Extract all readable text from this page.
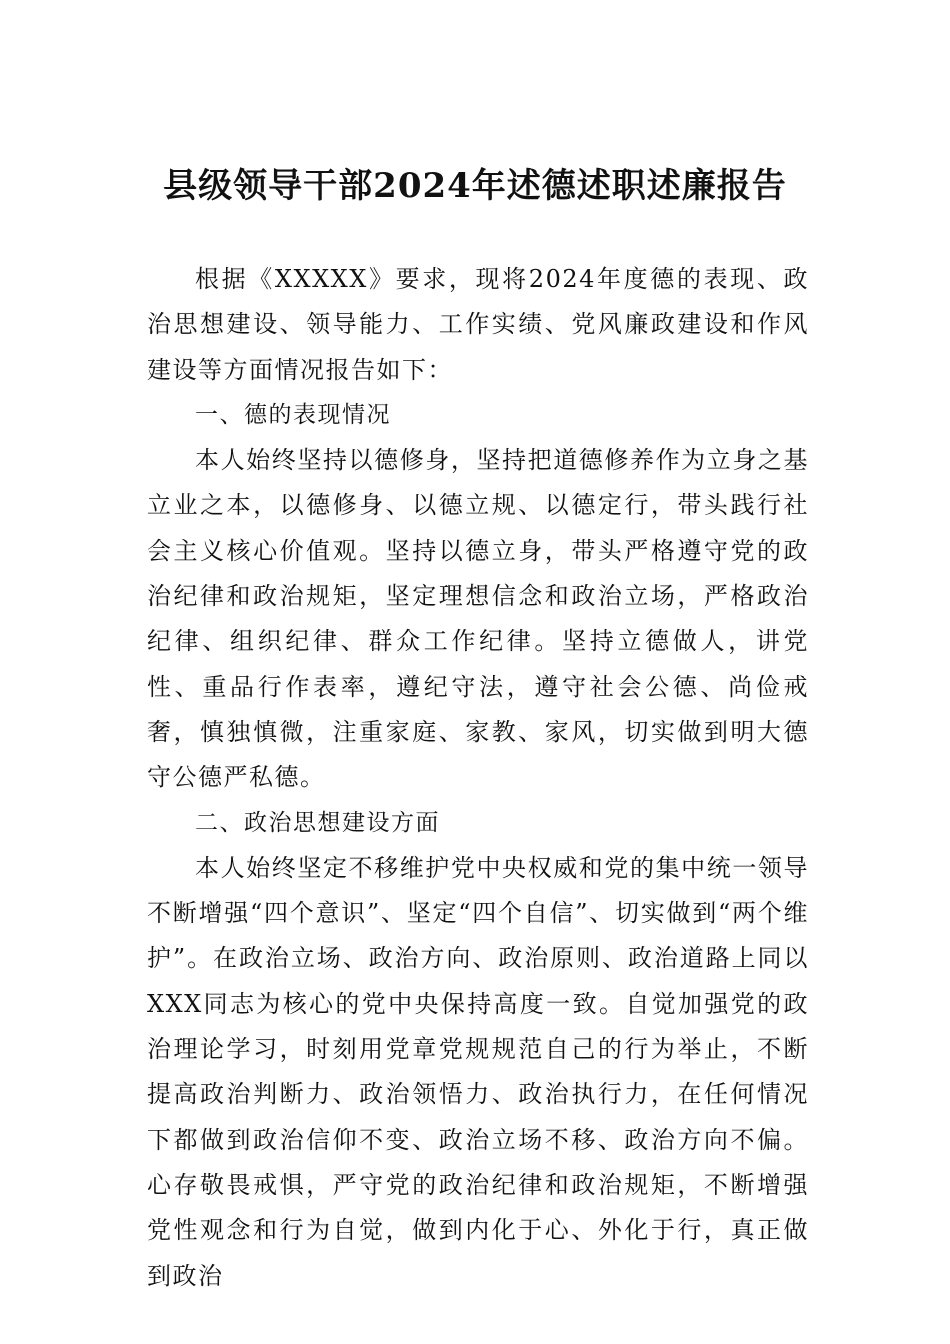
县级领导干部2024年述德述职述廉报告

根据《XXXXX》要求，现将2024年度德的表现、政治思想建设、领导能力、工作实绩、党风廉政建设和作风建设等方面情况报告如下：

一、德的表现情况

本人始终坚持以德修身，坚持把道德修养作为立身之基立业之本，以德修身、以德立规、以德定行，带头践行社会主义核心价值观。坚持以德立身，带头严格遵守党的政治纪律和政治规矩，坚定理想信念和政治立场，严格政治纪律、组织纪律、群众工作纪律。坚持立德做人，讲党性、重品行作表率，遵纪守法，遵守社会公德、尚俭戒奢，慎独慎微，注重家庭、家教、家风，切实做到明大德守公德严私德。

二、政治思想建设方面

本人始终坚定不移维护党中央权威和党的集中统一领导不断增强“四个意识”、坚定“四个自信”、切实做到“两个维护”。在政治立场、政治方向、政治原则、政治道路上同以XXX同志为核心的党中央保持高度一致。自觉加强党的政治理论学习，时刻用党章党规规范自己的行为举止，不断提高政治判断力、政治领悟力、政治执行力，在任何情况下都做到政治信仰不变、政治立场不移、政治方向不偏。心存敬畏戒惧，严守党的政治纪律和政治规矩，不断增强党性观念和行为自觉，做到内化于心、外化于行，真正做到政治
